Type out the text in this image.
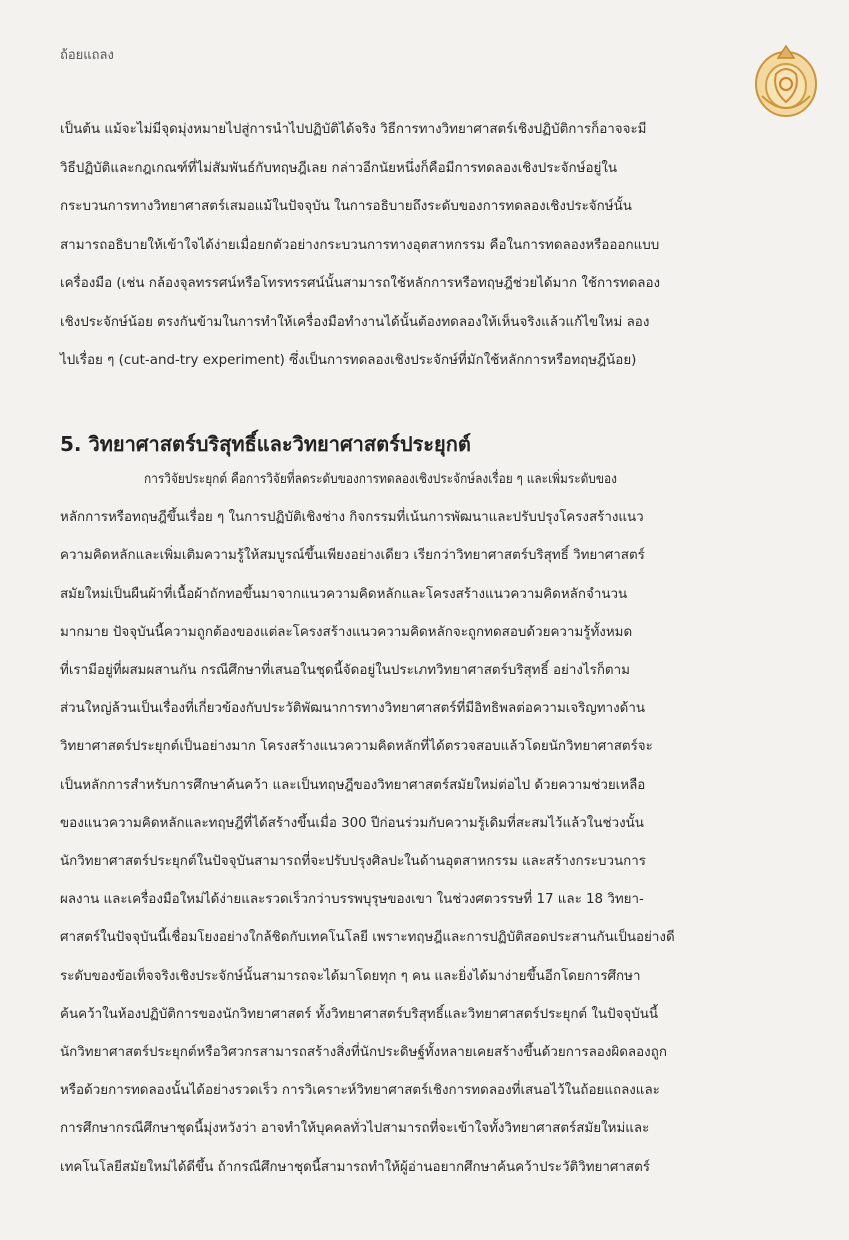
ถ้อยแถลง
เป็นต้น แม้จะไม่มีจุดมุ่งหมายไปสู่การนำไปปฏิบัติได้จริง วิธีการทางวิทยาศาสตร์เชิงปฏิบัติการก็อาจจะมี
วิธีปฏิบัติและกฎเกณฑ์ที่ไม่สัมพันธ์กับทฤษฎีเลย กล่าวอีกนัยหนึ่งก็คือมีการทดลองเชิงประจักษ์อยู่ใน
กระบวนการทางวิทยาศาสตร์เสมอแม้ในปัจจุบัน ในการอธิบายถึงระดับของการทดลองเชิงประจักษ์นั้น
สามารถอธิบายให้เข้าใจได้ง่ายเมื่อยกตัวอย่างกระบวนการทางอุตสาหกรรม คือในการทดลองหรือออกแบบ
เครื่องมือ (เช่น กล้องจุลทรรศน์หรือโทรทรรศน์นั้นสามารถใช้หลักการหรือทฤษฎีช่วยได้มาก ใช้การทดลอง
เชิงประจักษ์น้อย ตรงกันข้ามในการทำให้เครื่องมือทำงานได้นั้นต้องทดลองให้เห็นจริงแล้วแก้ไขใหม่ ลอง
ไปเรื่อย ๆ (cut-and-try experiment) ซึ่งเป็นการทดลองเชิงประจักษ์ที่มักใช้หลักการหรือทฤษฎีน้อย)
5. วิทยาศาสตร์บริสุทธิ์และวิทยาศาสตร์ประยุกต์
การวิจัยประยุกต์ คือการวิจัยที่ลดระดับของการทดลองเชิงประจักษ์ลงเรื่อย ๆ และเพิ่มระดับของ
หลักการหรือทฤษฎีขึ้นเรื่อย ๆ ในการปฏิบัติเชิงช่าง กิจกรรมที่เน้นการพัฒนาและปรับปรุงโครงสร้างแนว
ความคิดหลักและเพิ่มเติมความรู้ให้สมบูรณ์ขึ้นเพียงอย่างเดียว เรียกว่าวิทยาศาสตร์บริสุทธิ์ วิทยาศาสตร์
สมัยใหม่เป็นผืนผ้าที่เนื้อผ้าถักทอขึ้นมาจากแนวความคิดหลักและโครงสร้างแนวความคิดหลักจำนวน
มากมาย ปัจจุบันนี้ความถูกต้องของแต่ละโครงสร้างแนวความคิดหลักจะถูกทดสอบด้วยความรู้ทั้งหมด
ที่เรามีอยู่ที่ผสมผสานกัน กรณีศึกษาที่เสนอในชุดนี้จัดอยู่ในประเภทวิทยาศาสตร์บริสุทธิ์ อย่างไรก็ตาม
ส่วนใหญ่ล้วนเป็นเรื่องที่เกี่ยวข้องกับประวัติพัฒนาการทางวิทยาศาสตร์ที่มีอิทธิพลต่อความเจริญทางด้าน
วิทยาศาสตร์ประยุกต์เป็นอย่างมาก โครงสร้างแนวความคิดหลักที่ได้ตรวจสอบแล้วโดยนักวิทยาศาสตร์จะ
เป็นหลักการสำหรับการศึกษาค้นคว้า และเป็นทฤษฎีของวิทยาศาสตร์สมัยใหม่ต่อไป ด้วยความช่วยเหลือ
ของแนวความคิดหลักและทฤษฎีที่ได้สร้างขึ้นเมื่อ 300 ปีก่อนร่วมกับความรู้เดิมที่สะสมไว้แล้วในช่วงนั้น
นักวิทยาศาสตร์ประยุกต์ในปัจจุบันสามารถที่จะปรับปรุงศิลปะในด้านอุตสาหกรรม และสร้างกระบวนการ
ผลงาน และเครื่องมือใหม่ได้ง่ายและรวดเร็วกว่าบรรพบุรุษของเขา ในช่วงศตวรรษที่ 17 และ 18 วิทยา-
ศาสตร์ในปัจจุบันนี้เชื่อมโยงอย่างใกล้ชิดกับเทคโนโลยี เพราะทฤษฎีและการปฏิบัติสอดประสานกันเป็นอย่างดี
ระดับของข้อเท็จจริงเชิงประจักษ์นั้นสามารถจะได้มาโดยทุก ๆ คน และยิ่งได้มาง่ายขึ้นอีกโดยการศึกษา
ค้นคว้าในห้องปฏิบัติการของนักวิทยาศาสตร์ ทั้งวิทยาศาสตร์บริสุทธิ์และวิทยาศาสตร์ประยุกต์ ในปัจจุบันนี้
นักวิทยาศาสตร์ประยุกต์หรือวิศวกรสามารถสร้างสิ่งที่นักประดิษฐ์ทั้งหลายเคยสร้างขึ้นด้วยการลองผิดลองถูก
หรือด้วยการทดลองนั้นได้อย่างรวดเร็ว การวิเคราะห์วิทยาศาสตร์เชิงการทดลองที่เสนอไว้ในถ้อยแถลงและ
การศึกษากรณีศึกษาชุดนี้มุ่งหวังว่า อาจทำให้บุคคลทั่วไปสามารถที่จะเข้าใจทั้งวิทยาศาสตร์สมัยใหม่และ
เทคโนโลยีสมัยใหม่ได้ดีขึ้น ถ้ากรณีศึกษาชุดนี้สามารถทำให้ผู้อ่านอยากศึกษาค้นคว้าประวัติวิทยาศาสตร์
